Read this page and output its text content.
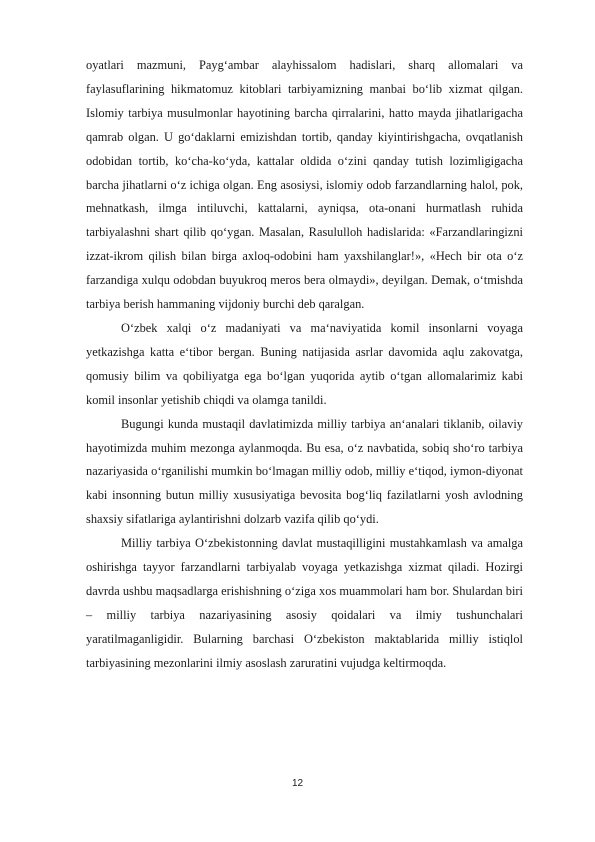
oyatlari mazmuni, Payg‘ambar alayhissalom hadislari, sharq allomalari va faylasuflarining hikmatomuz kitoblari tarbiyamizning manbai bo‘lib xizmat qilgan. Islomiy tarbiya musulmonlar hayotining barcha qirralarini, hatto mayda jihatlarigacha qamrab olgan. U go‘daklarni emizishdan tortib, qanday kiyintirishgacha, ovqatlanish odobidan tortib, ko‘cha-ko‘yda, kattalar oldida o‘zini qanday tutish lozimligigacha barcha jihatlarni o‘z ichiga olgan. Eng asosiysi, islomiy odob farzandlarning halol, pok, mehnatkash, ilmga intiluvchi, kattalarni, ayniqsa, ota-onani hurmatlash ruhida tarbiyalashni shart qilib qo‘ygan. Masalan, Rasululloh hadislarida: «Farzandlaringizni izzat-ikrom qilish bilan birga axloq-odobini ham yaxshilanglar!», «Hech bir ota o‘z farzandiga xulqu odobdan buyukroq meros bera olmaydi», deyilgan. Demak, o‘tmishda tarbiya berish hammaning vijdoniy burchi deb qaralgan.

O‘zbek xalqi o‘z madaniyati va ma‘naviyatida komil insonlarni voyaga yetkazishga katta e‘tibor bergan. Buning natijasida asrlar davomida aqlu zakovatga, qomusiy bilim va qobiliyatga ega bo‘lgan yuqorida aytib o‘tgan allomalarimiz kabi komil insonlar yetishib chiqdi va olamga tanildi.

Bugungi kunda mustaqil davlatimizda milliy tarbiya an‘analari tiklanib, oilaviy hayotimizda muhim mezonga aylanmoqda. Bu esa, o‘z navbatida, sobiq sho‘ro tarbiya nazariyasida o‘rganilishi mumkin bo‘lmagan milliy odob, milliy e‘tiqod, iymon-diyonat kabi insonning butun milliy xususiyatiga bevosita bog‘liq fazilatlarni yosh avlodning shaxsiy sifatlariga aylantirishni dolzarb vazifa qilib qo‘ydi.

Milliy tarbiya O‘zbekistonning davlat mustaqilligini mustahkamlash va amalga oshirishga tayyor farzandlarni tarbiyalab voyaga yetkazishga xizmat qiladi. Hozirgi davrda ushbu maqsadlarga erishishning o‘ziga xos muammolari ham bor. Shulardan biri – milliy tarbiya nazariyasining asosiy qoidalari va ilmiy tushunchalari yaratilmaganligidir. Bularning barchasi O‘zbekiston maktablarida milliy istiqlol tarbiyasining mezonlarini ilmiy asoslash zaruratini vujudga keltirmoqda.

12
